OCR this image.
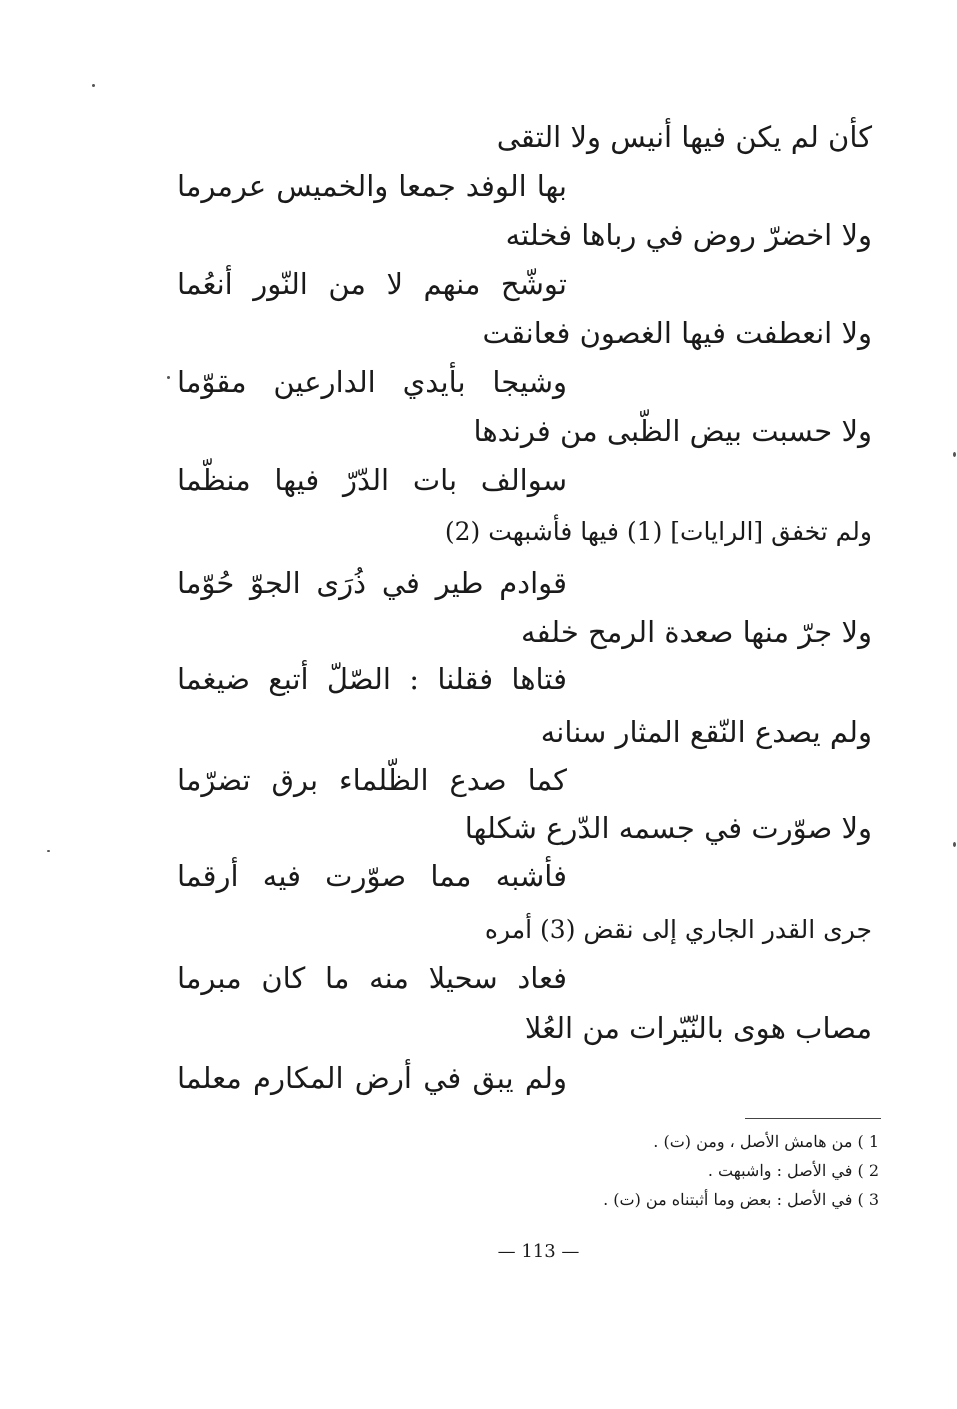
كأن لم يكن فيها أنيس ولا التقى
بها الوفد جمعا والخميس عرمرما
ولا اخضرّ روض في رباها فخلته
توشّح منهم لا من النّور أنعُما
ولا انعطفت فيها الغصون فعانقت
وشيجا بأيدي الدارعين مقوّما
ولا حسبت بيض الظّبى من فرندها
سوالف بات الدّرّ فيها منظّما
ولم تخفق [الرايات] (1) فيها فأشبهت (2)
قوادم طير في ذُرَى الجوّ حُوّما
ولا جرّ منها صعدة الرمح خلفه
فتاها فقلنا : الصّلّ أتبع ضيغما
ولم يصدع النّقع المثار سنانه
كما صدع الظّلماء برق تضرّما
ولا صوّرت في جسمه الدّرع شكلها
فأشبه مما صوّرت فيه أرقما
جرى القدر الجاري إلى نقض (3) أمره
فعاد سحيلا منه ما كان مبرما
مصاب هوى بالنّيّرات من العُلا
ولم يبق في أرض المكارم معلما
1 ) من هامش الأصل ، ومن (ت) .
2 ) في الأصل : واشبهت .
3 ) في الأصل : بعض وما أثبتناه من (ت) .
— 113 —
